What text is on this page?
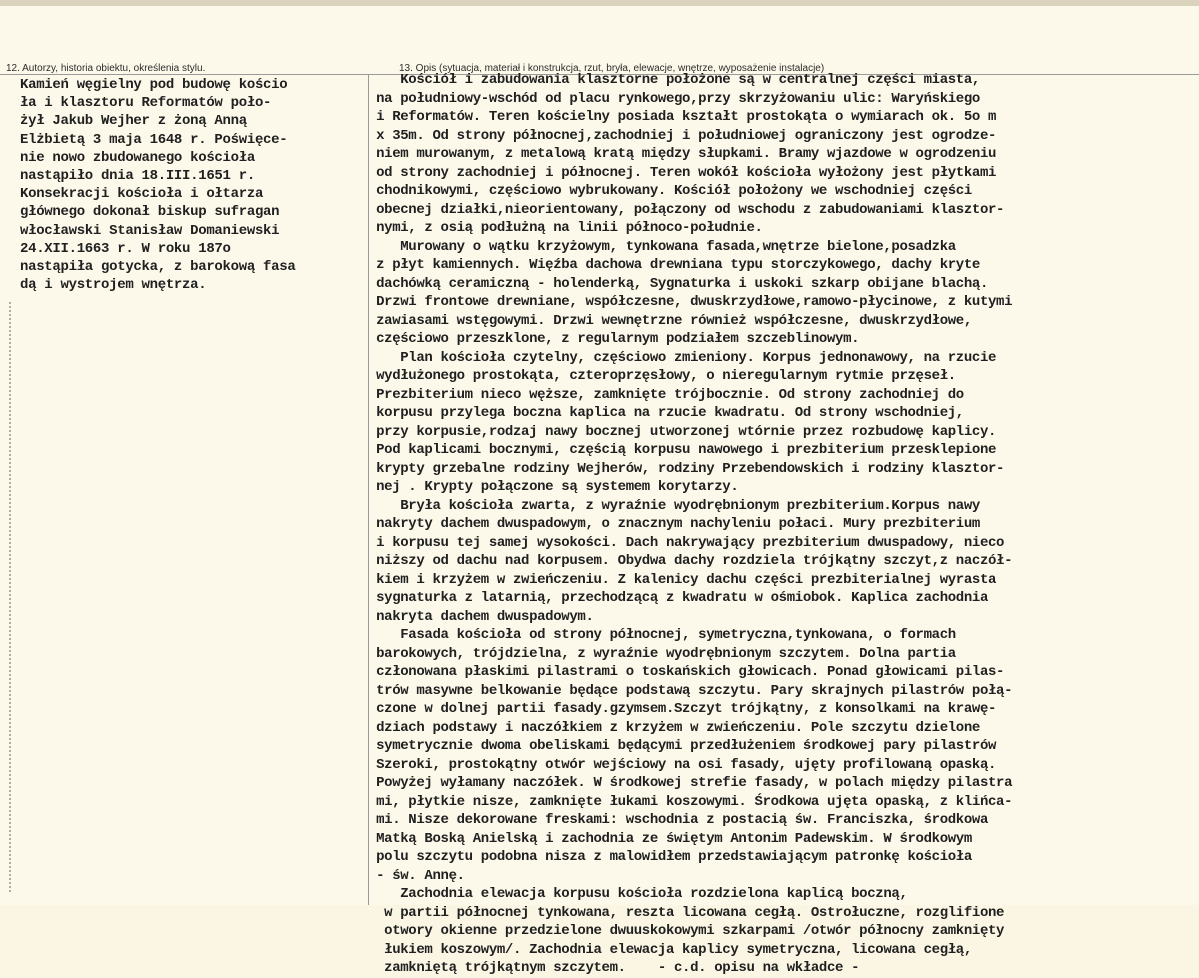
12. Autorzy, historia obiektu, określenia stylu.	13. Opis (sytuacja, materiał i konstrukcja, rzut, bryła, elewacje, wnętrze, wyposażenie instalacje)
Kamień węgielny pod budowę kościo
ła i klasztoru Reformatów poło-
żył Jakub Wejher z żoną Anną
Elżbietą 3 maja 1648 r. Poświęce-
nie nowo zbudowanego kościoła
nastąpiło dnia 18.III.1651 r.
Konsekracji kościoła i ołtarza
głównego dokonał biskup sufragan
włocławski Stanisław Domaniewski
24.XII.1663 r. W roku 187o
nastąpiła gotycka, z barokową fasa
dą i wystrojem wnętrza.
Kościół i zabudowania klasztorne położone są w centralnej części miasta,
na południowy-wschód od placu rynkowego,przy skrzyżowaniu ulic: Waryńskiego
i Reformatów. Teren kościelny posiada kształt prostokąta o wymiarach ok. 5o m
x 35m. Od strony północnej,zachodniej i południowej ograniczony jest ogrodze-
niem murowanym, z metalową kratą między słupkami. Bramy wjazdowe w ogrodzeniu
od strony zachodniej i północnej. Teren wokół kościoła wyłożony jest płytkami
chodnikowymi, częściowo wybrukowany. Kościół położony we wschodniej części
obecnej działki,nieorientowany, połączony od wschodu z zabudowaniami klasztor-
nymi, z osią podłużną na linii północo-południe.
Murowany o wątku krzyżowym, tynkowana fasada,wnętrze bielone,posadzka
z płyt kamiennych. Więźba dachowa drewniana typu storczykowego, dachy kryte
dachówką ceramiczną - holenderką, Sygnaturka i uskoki szkarp obijane blachą.
Drzwi frontowe drewniane, współczesne, dwuskrzydłowe,ramowo-płycinowe, z kutymi
zawiasami wstęgowymi. Drzwi wewnętrzne również współczesne, dwuskrzydłowe,
częściowo przeszklone, z regularnym podziałem szczeblinowym.
Plan kościoła czytelny, częściowo zmieniony. Korpus jednonawowy, na rzucie
wydłużonego prostokąta, czteroprzęsłowy, o nieregularnym rytmie przęseł.
Prezbiterium nieco węższe, zamknięte trójbocznie. Od strony zachodniej do
korpusu przylega boczna kaplica na rzucie kwadratu. Od strony wschodniej,
przy korpusie,rodzaj nawy bocznej utworzonej wtórnie przez rozbudowę kaplicy.
Pod kaplicami bocznymi, częścią korpusu nawowego i prezbiterium przesklepione
krypty grzebalne rodziny Wejherów, rodziny Przebendowskich i rodziny klasztor-
nej . Krypty połączone są systemem korytarzy.
Bryła kościoła zwarta, z wyraźnie wyodrębnionym prezbiterium.Korpus nawy
nakryty dachem dwuspadowym, o znacznym nachyleniu połaci. Mury prezbiterium
i korpusu tej samej wysokości. Dach nakrywający prezbiterium dwuspadowy, nieco
niższy od dachu nad korpusem. Obydwa dachy rozdziela trójkątny szczyt,z naczół-
kiem i krzyżem w zwieńczeniu. Z kalenicy dachu części prezbiterialnej wyrasta
sygnaturka z latarnią, przechodzącą z kwadratu w ośmiobok. Kaplica zachodnia
nakryta dachem dwuspadowym.
Fasada kościoła od strony północnej, symetryczna,tynkowana, o formach
barokowych, trójdzielna, z wyraźnie wyodrębnionym szczytem. Dolna partia
członowana płaskimi pilastrami o toskańskich głowicach. Ponad głowicami pilas-
trów masywne belkowanie będące podstawą szczytu. Pary skrajnych pilastrów połą-
czone w dolnej partii fasady.gzymsem.Szczyt trójkątny, z konsolkami na krawę-
dziach podstawy i naczółkiem z krzyżem w zwieńczeniu. Pole szczytu dzielone
symetrycznie dwoma obeliskami będącymi przedłużeniem środkowej pary pilastrów
Szeroki, prostokątny otwór wejściowy na osi fasady, ujęty profilowaną opaską.
Powyżej wyłamany naczółek. W środkowej strefie fasady, w polach między pilastra
mi, płytkie nisze, zamknięte łukami koszowymi. Środkowa ujęta opaską, z klińca-
mi. Nisze dekorowane freskami: wschodnia z postacią św. Franciszka, środkowa
Matką Boską Anielską i zachodnia ze świętym Antonim Padewskim. W środkowym
polu szczytu podobna nisza z malowidłem przedstawiającym patronkę kościoła
- św. Annę.
Zachodnia elewacja korpusu kościoła rozdzielona kaplicą boczną,
w partii północnej tynkowana, reszta licowana cegłą. Ostrołuczne, rozglifione
otwory okienne przedzielone dwuuskokowymi szkarpami /otwór północny zamknięty
łukiem koszowym/. Zachodnia elewacja kaplicy symetryczna, licowana cegłą,
zamkniętą trójkątnym szczytem.    - c.d. opisu na wkładce -
